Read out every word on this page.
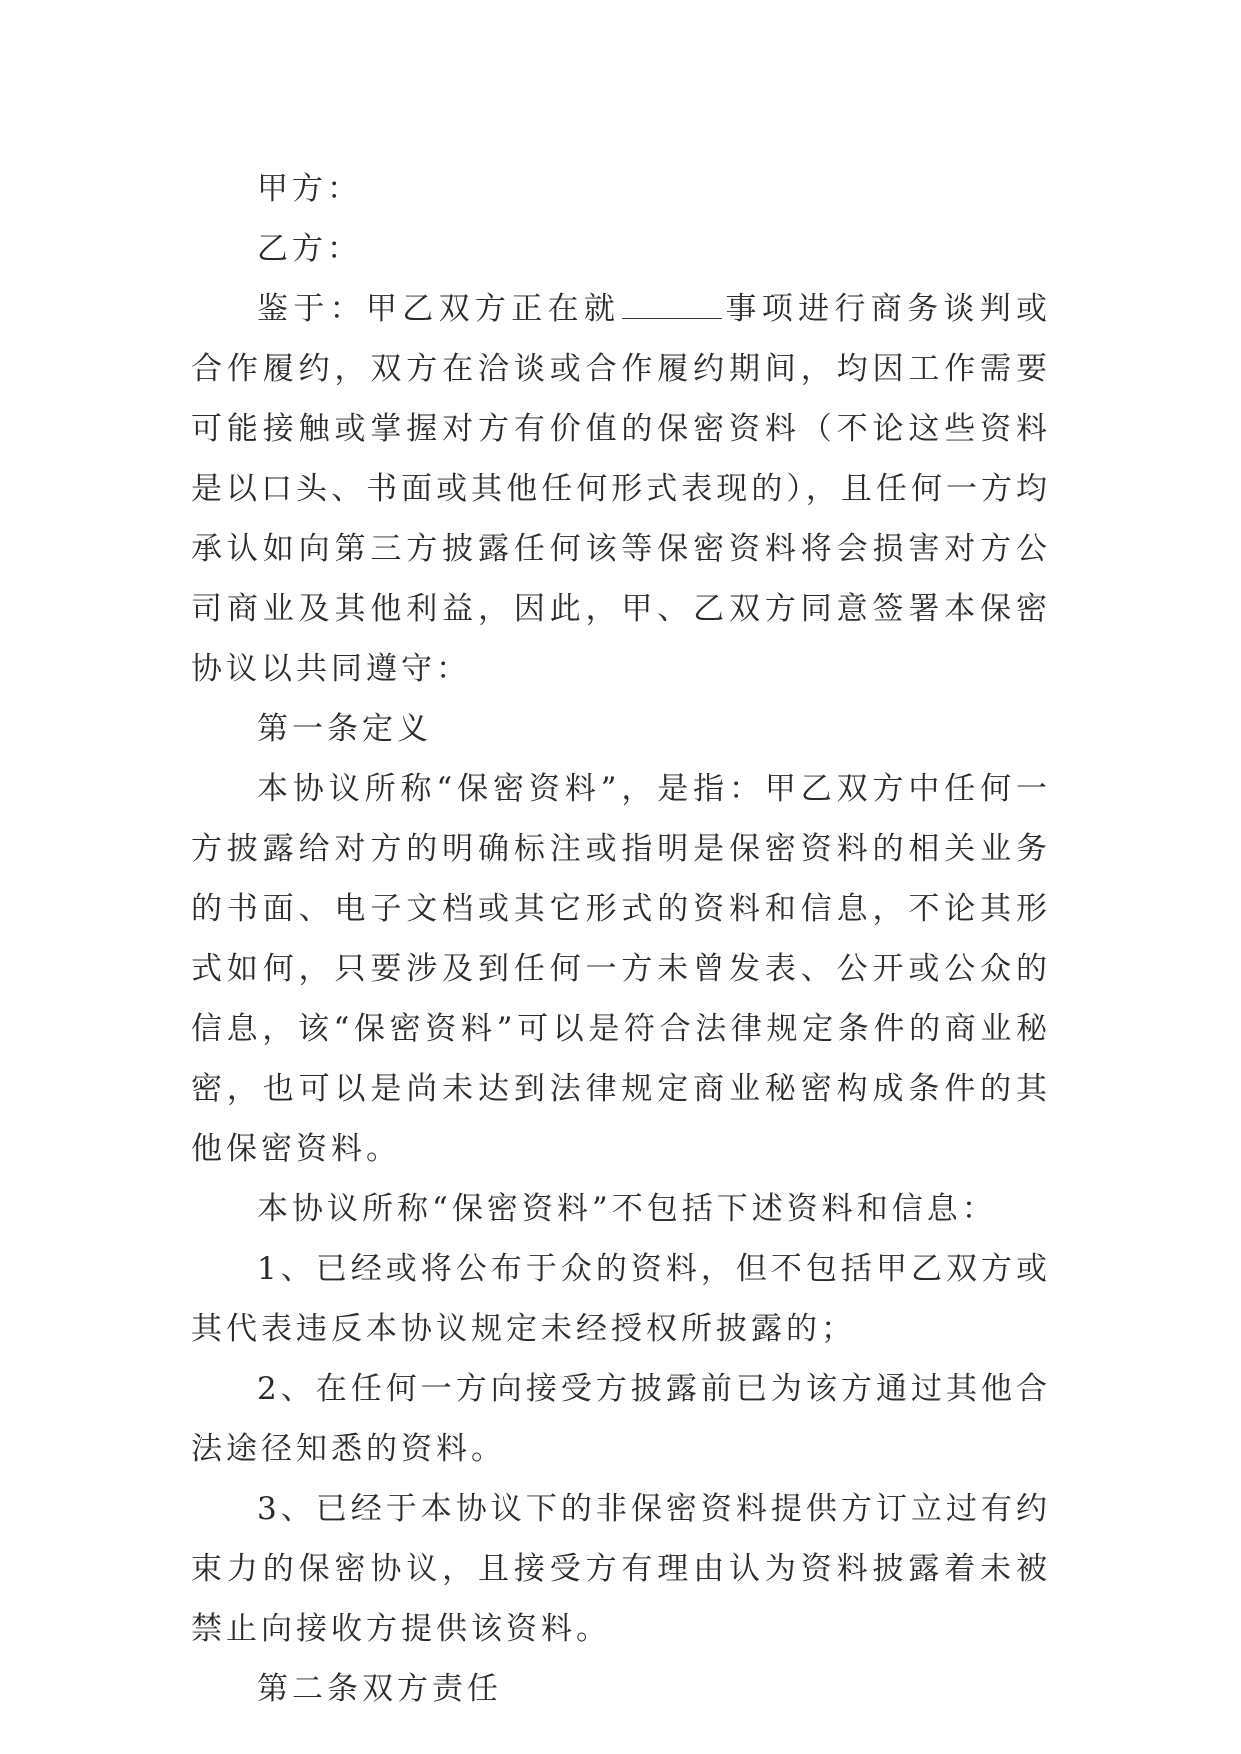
甲方：

乙方：

鉴于：甲乙双方正在就	事项进行商务谈判或合作履约，双方在洽谈或合作履约期间，均因工作需要可能接触或掌握对方有价值的保密资料（不论这些资料是以口头、书面或其他任何形式表现的），且任何一方均承认如向第三方披露任何该等保密资料将会损害对方公司商业及其他利益，因此，甲、乙双方同意签署本保密协议以共同遵守：

第一条定义

本协议所称“保密资料”，是指：甲乙双方中任何一方披露给对方的明确标注或指明是保密资料的相关业务的书面、电子文档或其它形式的资料和信息，不论其形式如何，只要涉及到任何一方未曾发表、公开或公众的信息，该“保密资料”可以是符合法律规定条件的商业秘密，也可以是尚未达到法律规定商业秘密构成条件的其他保密资料。

本协议所称“保密资料”不包括下述资料和信息：

1、已经或将公布于众的资料，但不包括甲乙双方或其代表违反本协议规定未经授权所披露的；

2、在任何一方向接受方披露前已为该方通过其他合法途径知悉的资料。

3、已经于本协议下的非保密资料提供方订立过有约束力的保密协议，且接受方有理由认为资料披露着未被禁止向接收方提供该资料。

第二条双方责任
